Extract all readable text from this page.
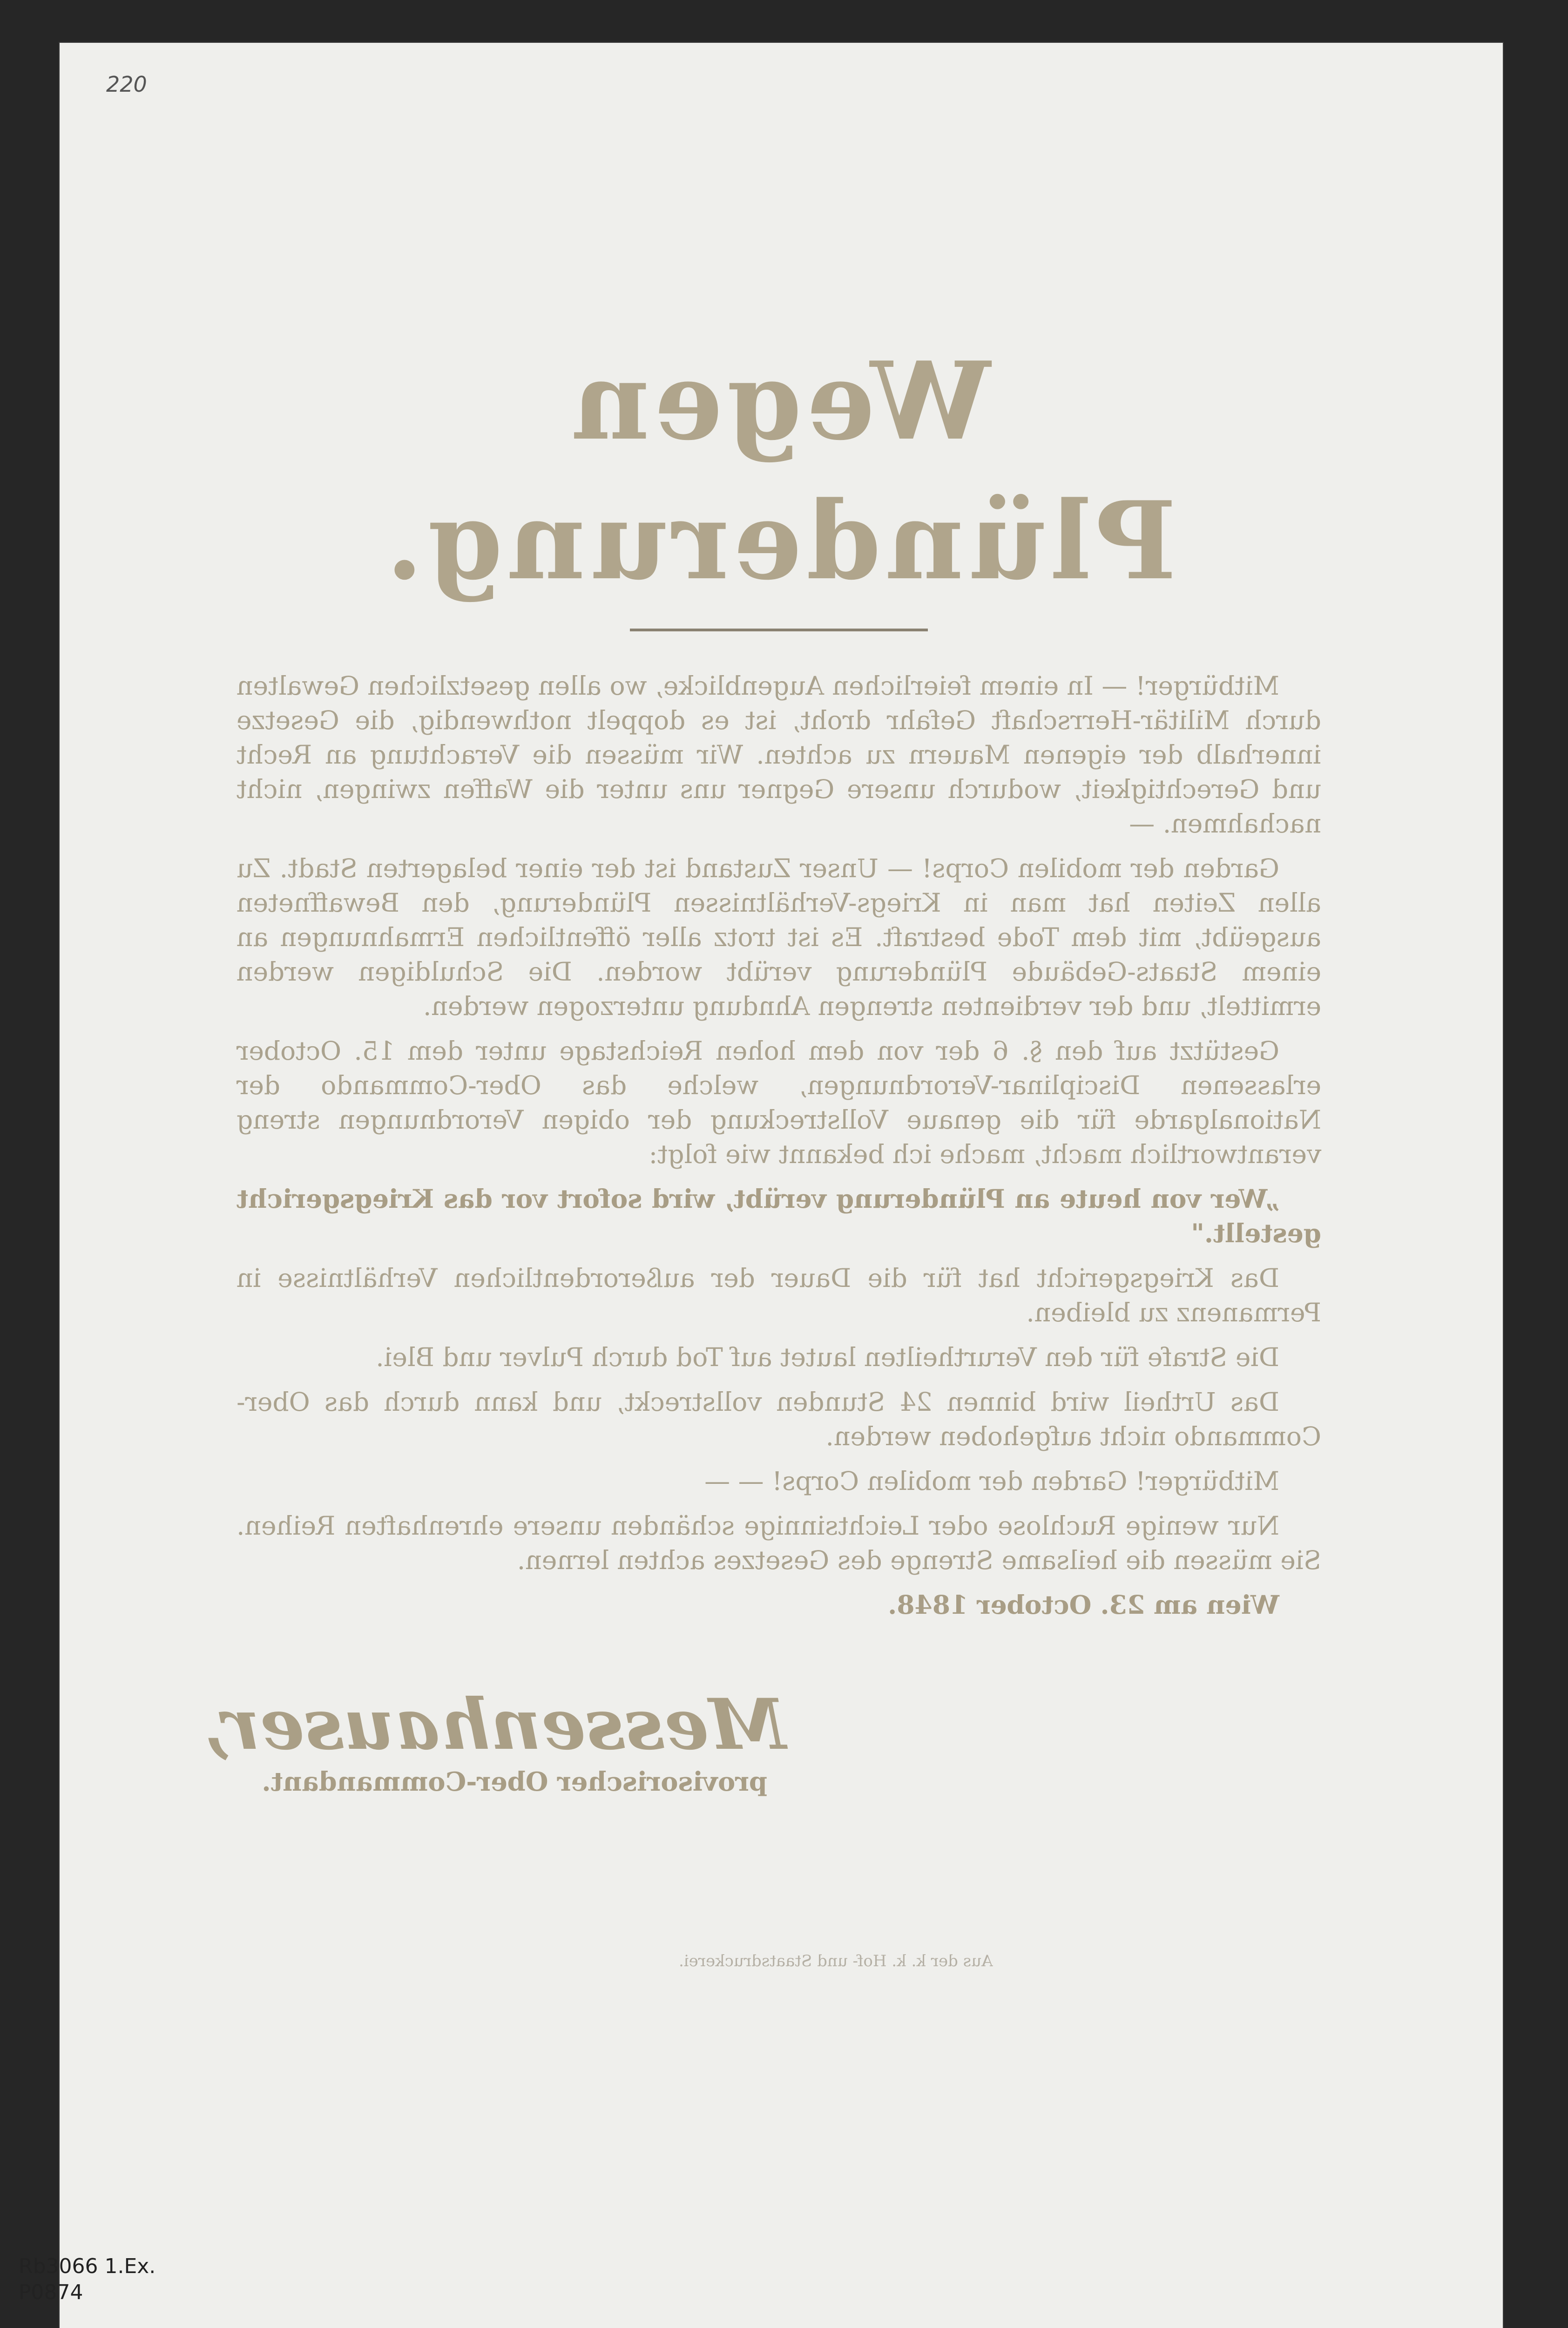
220
Wegen Plünderung.

Mitbürger! — In einem feierlichen Augenblicke, wo allen gesetzlichen Gewalten durch Militär-Herrschaft Gefahr droht, ist es doppelt nothwendig, die Gesetze innerhalb der eigenen Mauern zu achten. Wir müssen die Verachtung an Recht und Gerechtigkeit, wodurch unsere Gegner uns unter die Waffen zwingen, nicht nachahmen. —

Garden der mobilen Corps! — Unser Zustand ist der einer belagerten Stadt. Zu allen Zeiten hat man in Kriegs-Verhältnissen Plünderung, den Bewaffneten ausgeübt, mit dem Tode bestraft. Es ist trotz aller öffentlichen Ermahnungen an einem Staats-Gebäude Plünderung verübt worden. Die Schuldigen werden ermittelt, und der verdienten strengen Ahndung unterzogen werden.

Gestützt auf den §. 6 der von dem hohen Reichstage unter dem 15. October erlassenen Disciplinar-Verordnungen, welche das Ober-Commando der Nationalgarde für die genaue Vollstreckung der obigen Verordnungen streng verantwortlich macht, mache ich bekannt wie folgt:

„Wer von heute an Plünderung verübt, wird sofort vor das Kriegsgericht gestellt."

Das Kriegsgericht hat für die Dauer der außerordentlichen Verhältnisse in Permanenz zu bleiben.

Die Strafe für den Verurtheilten lautet auf Tod durch Pulver und Blei.

Das Urtheil wird binnen 24 Stunden vollstreckt, und kann durch das Ober-Commando nicht aufgehoben werden.

Mitbürger! Garden der mobilen Corps! — —

Nur wenige Ruchlose oder Leichtsinnige schänden unsere ehrenhaften Reihen. Sie müssen die heilsame Strenge des Gesetzes achten lernen.

Wien am 23. October 1848.

Messenhauser,
provisorischer Ober-Commandant.
Aus der k. k. Hof- und Staatsdruckerei.
Rb3066 1.Ex.
P0874
